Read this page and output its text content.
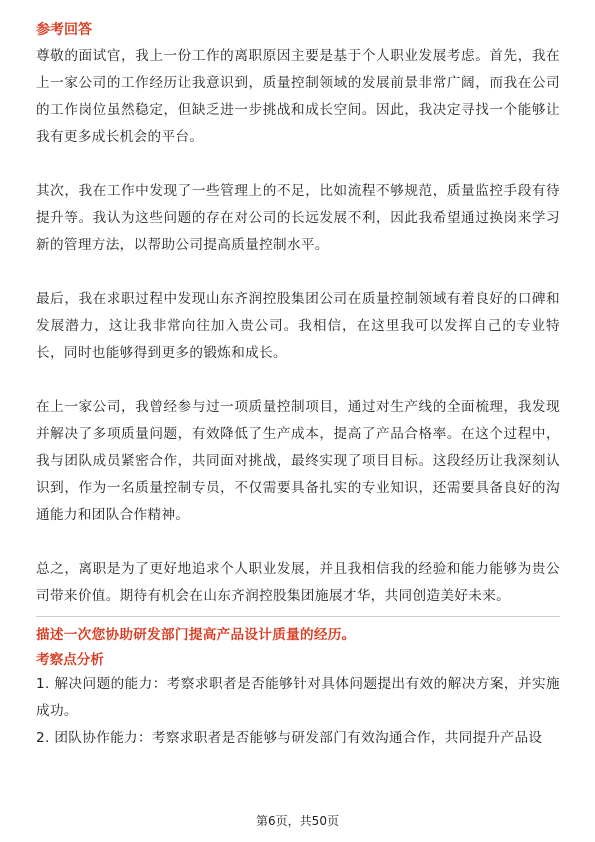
参考回答

尊敬的面试官，我上一份工作的离职原因主要是基于个人职业发展考虑。首先，我在上一家公司的工作经历让我意识到，质量控制领域的发展前景非常广阔，而我在公司的工作岗位虽然稳定，但缺乏进一步挑战和成长空间。因此，我决定寻找一个能够让我有更多成长机会的平台。

其次，我在工作中发现了一些管理上的不足，比如流程不够规范，质量监控手段有待提升等。我认为这些问题的存在对公司的长远发展不利，因此我希望通过换岗来学习新的管理方法，以帮助公司提高质量控制水平。

最后，我在求职过程中发现山东齐润控股集团公司在质量控制领域有着良好的口碑和发展潜力，这让我非常向往加入贵公司。我相信，在这里我可以发挥自己的专业特长，同时也能够得到更多的锻炼和成长。

在上一家公司，我曾经参与过一项质量控制项目，通过对生产线的全面梳理，我发现并解决了多项质量问题，有效降低了生产成本，提高了产品合格率。在这个过程中，我与团队成员紧密合作，共同面对挑战，最终实现了项目目标。这段经历让我深刻认识到，作为一名质量控制专员，不仅需要具备扎实的专业知识，还需要具备良好的沟通能力和团队合作精神。

总之，离职是为了更好地追求个人职业发展，并且我相信我的经验和能力能够为贵公司带来价值。期待有机会在山东齐润控股集团施展才华，共同创造美好未来。

描述一次您协助研发部门提高产品设计质量的经历。
考察点分析
1. 解决问题的能力：考察求职者是否能够针对具体问题提出有效的解决方案，并实施成功。
2. 团队协作能力：考察求职者是否能够与研发部门有效沟通合作，共同提升产品设
第6页，共50页
